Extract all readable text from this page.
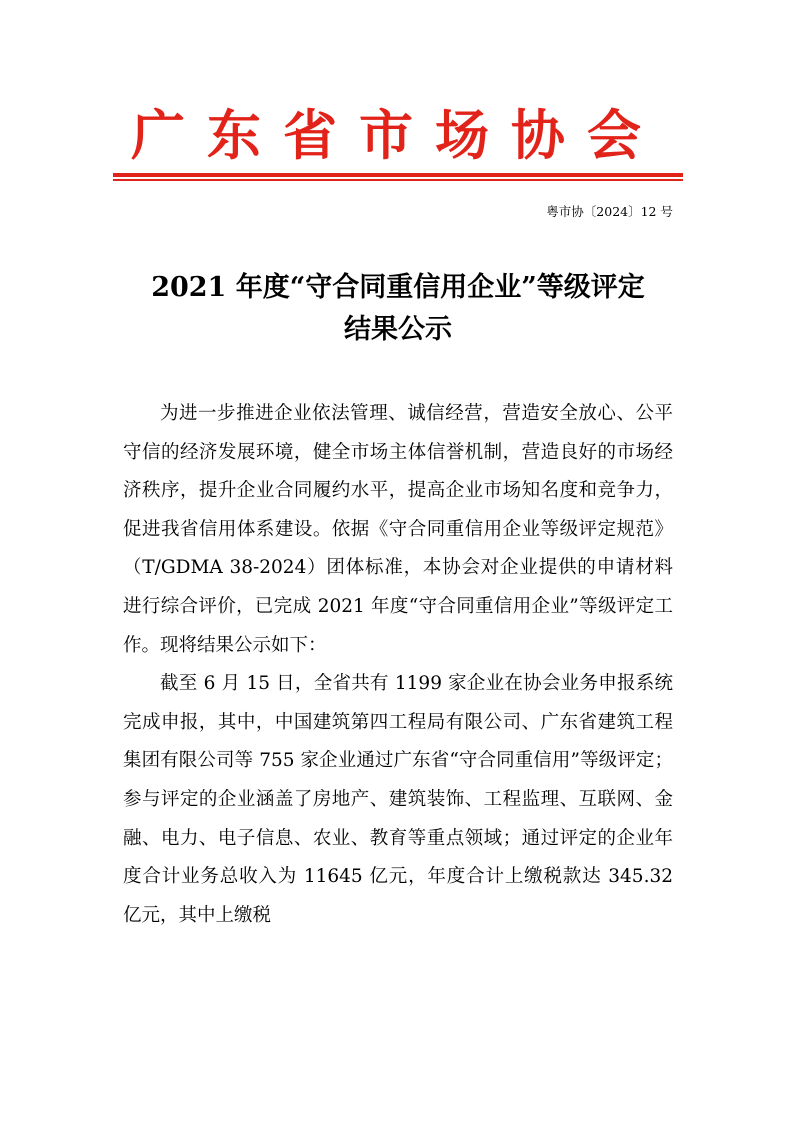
广东省市场协会
粤市协〔2024〕12 号
2021 年度“守合同重信用企业”等级评定
结果公示

为进一步推进企业依法管理、诚信经营，营造安全放心、公平守信的经济发展环境，健全市场主体信誉机制，营造良好的市场经济秩序，提升企业合同履约水平，提高企业市场知名度和竞争力，促进我省信用体系建设。依据《守合同重信用企业等级评定规范》（T/GDMA 38-2024）团体标准，本协会对企业提供的申请材料进行综合评价，已完成 2021 年度“守合同重信用企业”等级评定工作。现将结果公示如下：

截至 6 月 15 日，全省共有 1199 家企业在协会业务申报系统完成申报，其中，中国建筑第四工程局有限公司、广东省建筑工程集团有限公司等 755 家企业通过广东省“守合同重信用”等级评定；参与评定的企业涵盖了房地产、建筑装饰、工程监理、互联网、金融、电力、电子信息、农业、教育等重点领域；通过评定的企业年度合计业务总收入为 11645 亿元，年度合计上缴税款达 345.32 亿元，其中上缴税
